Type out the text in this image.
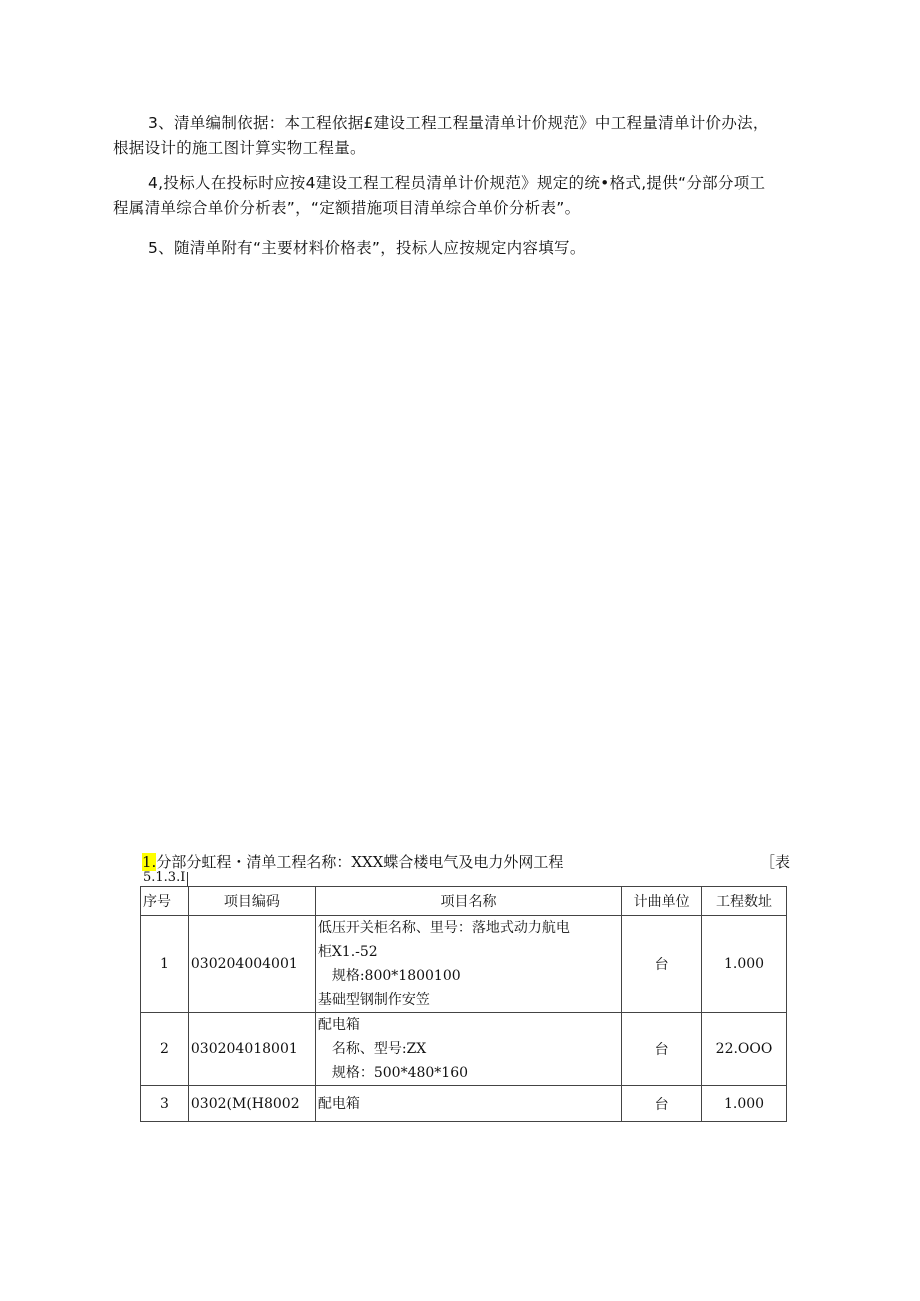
3、清单编制依据：本工程依据£建设工程工程量清单计价规范》中工程量清单计价办法，
根据设计的施工图计算实物工程量。
4,投标人在投标时应按4建设工程工程员清单计价规范》规定的统•格式,提供“分部分项工
程属清单综合单价分析表”，“定额措施项目清单综合单价分析表”。
5、随清单附有“主要材料价格表”，投标人应按规定内容填写。
1.分部分虹程・清单工程名称：XXX蝶合楼电气及电力外网工程	［表
5.1.3.I
序号	项目编码	项目名称	计曲单位	工程数址
1	030204004001	低压开关柜名称、里号：落地式动力航电
柜X1.-52
规格:800*1800100
基础型钢制作安笠	台	1.000
2	030204018001	配电箱
名称、型号:ZX
规格：500*480*160	台	22.OOO
3	0302(M(H8002	配电箱	台	1.000
